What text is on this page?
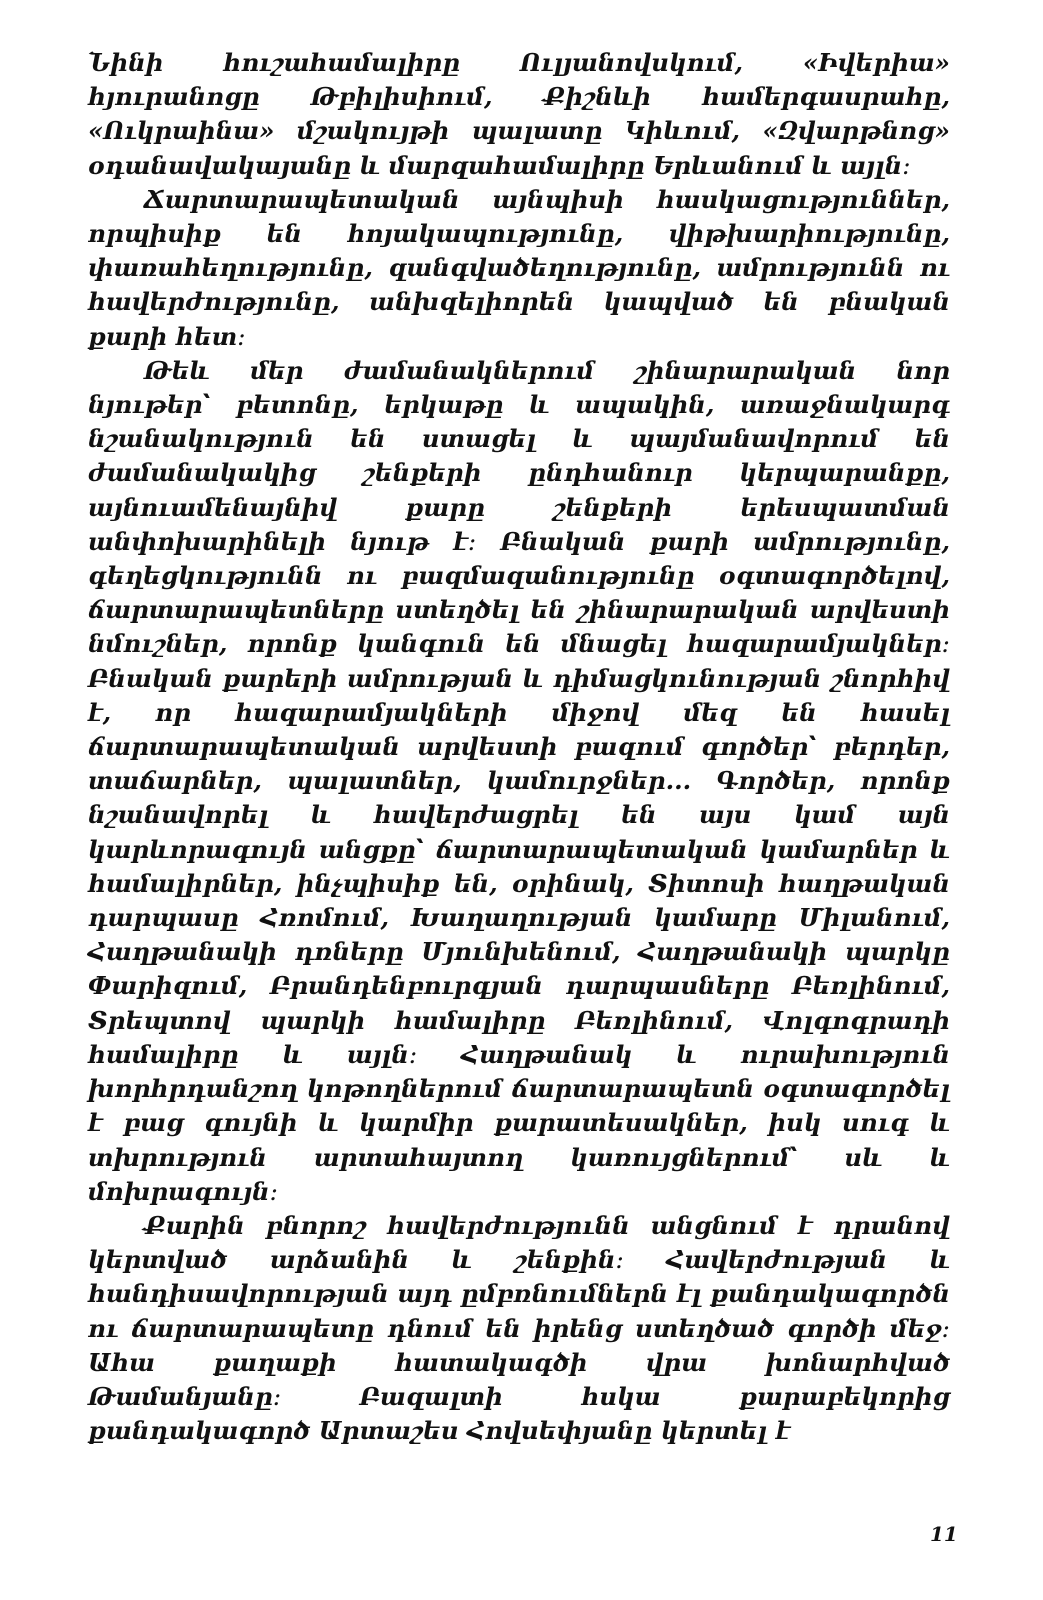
Նինի հուշահամալիրը Ուլյանովսկում, «Իվերիա» հյուրանոցը Թբիլիսիում, Քիշնևի համերգասրահը, «Ուկրաինա» մշակույթի պալատը Կիևում, «Զվարթնոց» օդանավակայանը և մարզահամալիրը Երևանում և այլն։

Ճարտարապետական այնպիսի հասկացություններ, որպիսիք են հոյակապությունը, վիթխարիությունը, փառահեղությունը, զանգվածեղությունը, ամրությունն ու հավերժությունը, անխզելիորեն կապված են բնական քարի հետ։

Թեև մեր ժամանակներում շինարարական նոր նյութեր՝ բետոնը, երկաթը և ապակին, առաջնակարգ նշանակություն են ստացել և պայմանավորում են ժամանակակից շենքերի ընդհանուր կերպարանքը, այնուամենայնիվ քարը շենքերի երեսպատման անփոխարինելի նյութ է։ Բնական քարի ամրությունը, գեղեցկությունն ու բազմազանությունը օգտագործելով, ճարտարապետները ստեղծել են շինարարական արվեստի նմուշներ, որոնք կանգուն են մնացել հազարամյակներ։ Բնական քարերի ամրության և դիմացկունության շնորհիվ է, որ հազարամյակների միջով մեզ են հասել ճարտարապետական արվեստի բազում գործեր՝ բերդեր, տաճարներ, պալատներ, կամուրջներ... Գործեր, որոնք նշանավորել և հավերժացրել են այս կամ այն կարևորագույն անցքը՝ ճարտարապետական կամարներ և համալիրներ, ինչպիսիք են, օրինակ, Տիտոսի հաղթական դարպասը Հռոմում, Խաղաղության կամարը Միլանում, Հաղթանակի դռները Մյունխենում, Հաղթանակի պարկը Փարիզում, Բրանդենբուրգյան դարպասները Բեռլինում, Տրեպտով պարկի համալիրը Բեռլինում, Վոլգոգրադի համալիրը և այլն։ Հաղթանակ և ուրախություն խորհրդանշող կոթողներում ճարտարապետն օգտագործել է բաց գույնի և կարմիր քարատեսակներ, իսկ սուգ և տխրություն արտահայտող կառույցներում՝ սև և մոխրագույն։

Քարին բնորոշ հավերժությունն անցնում է դրանով կերտված արձանին և շենքին։ Հավերժության և հանդիսավորության այդ ըմբռնումներն էլ քանդակագործն ու ճարտարապետը դնում են իրենց ստեղծած գործի մեջ։ Ահա քաղաքի հատակագծի վրա խոնարհված Թամանյանը։ Բազալտի հսկա քարաբեկորից քանդակագործ Արտաշես Հովսեփյանը կերտել է

11
